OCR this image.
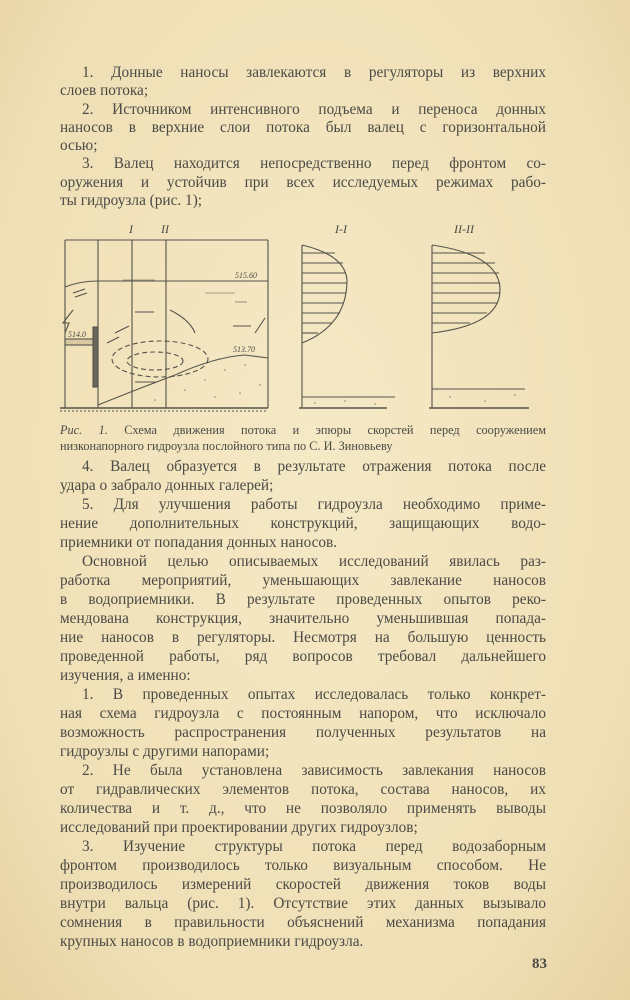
1. Донные наносы завлекаются в регуляторы из верхних
слоев потока;
2. Источником интенсивного подъема и переноса донных
наносов в верхние слои потока был валец с горизонтальной
осью;
3. Валец находится непосредственно перед фронтом со-
оружения и устойчив при всех исследуемых режимах рабо-
ты гидроузла (рис. 1);
I II	I-I	II-II
515.60
514.0
513.70
Рис. 1. Схема движения потока и эпюры скорстей перед сооружением
низконапорного гидроузла послойного типа по С. И. Зиновьеву
4. Валец образуется в результате отражения потока после
удара о забрало донных галерей;
5. Для улучшения работы гидроузла необходимо приме-
нение дополнительных конструкций, защищающих водо-
приемники от попадания донных наносов.
Основной целью описываемых исследований явилась раз-
работка мероприятий, уменьшающих завлекание наносов
в водоприемники. В результате проведенных опытов реко-
мендована конструкция, значительно уменьшившая попада-
ние наносов в регуляторы. Несмотря на большую ценность
проведенной работы, ряд вопросов требовал дальнейшего
изучения, а именно:
1. В проведенных опытах исследовалась только конкрет-
ная схема гидроузла с постоянным напором, что исключало
возможность распространения полученных результатов на
гидроузлы с другими напорами;
2. Не была установлена зависимость завлекания наносов
от гидравлических элементов потока, состава наносов, их
количества и т. д., что не позволяло применять выводы
исследований при проектировании других гидроузлов;
3. Изучение структуры потока перед водозаборным
фронтом производилось только визуальным способом. Не
производилось измерений скоростей движения токов воды
внутри вальца (рис. 1). Отсутствие этих данных вызывало
сомнения в правильности объяснений механизма попадания
крупных наносов в водоприемники гидроузла.
83
